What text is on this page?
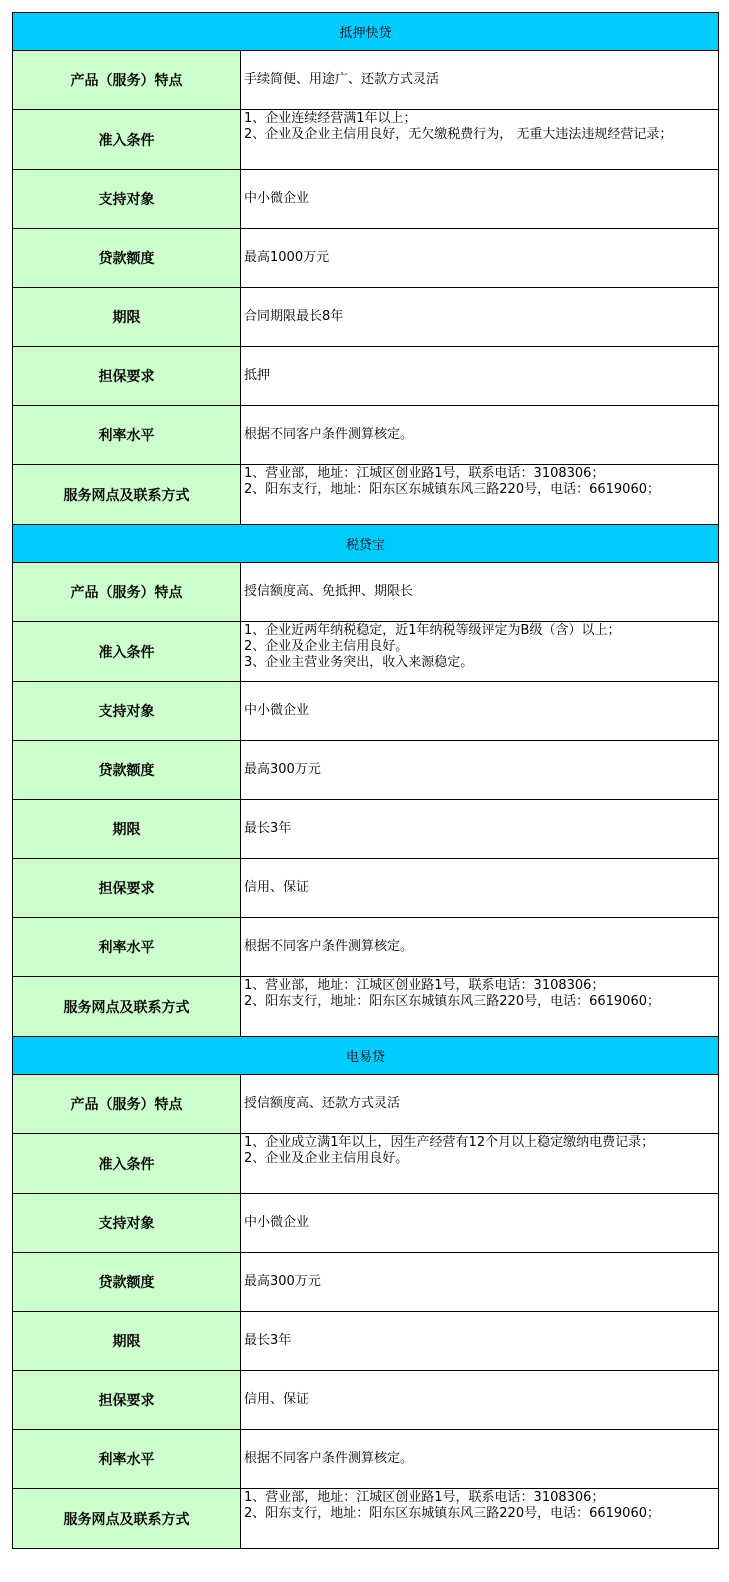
抵押快贷	
产品（服务）特点	手续简便、用途广、还款方式灵活

准入条件	1、企业连续经营满1年以上；
2、企业及企业主信用良好，无欠缴税费行为， 无重大违法违规经营记录；

支持对象	中小微企业

贷款额度	最高1000万元

期限	合同期限最长8年

担保要求	抵押

利率水平	根据不同客户条件测算核定。

服务网点及联系方式	1、营业部，地址：江城区创业路1号，联系电话：3108306；
2、阳东支行，地址：阳东区东城镇东风三路220号，电话：6619060；

税贷宝	
产品（服务）特点	授信额度高、免抵押、期限长

准入条件	1、企业近两年纳税稳定，近1年纳税等级评定为B级（含）以上；
2、企业及企业主信用良好。
3、企业主营业务突出，收入来源稳定。

支持对象	中小微企业

贷款额度	最高300万元

期限	最长3年

担保要求	信用、保证

利率水平	根据不同客户条件测算核定。

服务网点及联系方式	1、营业部，地址：江城区创业路1号，联系电话：3108306；
2、阳东支行，地址：阳东区东城镇东风三路220号，电话：6619060；

电易贷	
产品（服务）特点	授信额度高、还款方式灵活

准入条件	1、企业成立满1年以上，因生产经营有12个月以上稳定缴纳电费记录；
2、企业及企业主信用良好。

支持对象	中小微企业

贷款额度	最高300万元

期限	最长3年

担保要求	信用、保证

利率水平	根据不同客户条件测算核定。

服务网点及联系方式	1、营业部，地址：江城区创业路1号，联系电话：3108306；
2、阳东支行，地址：阳东区东城镇东风三路220号，电话：6619060；
